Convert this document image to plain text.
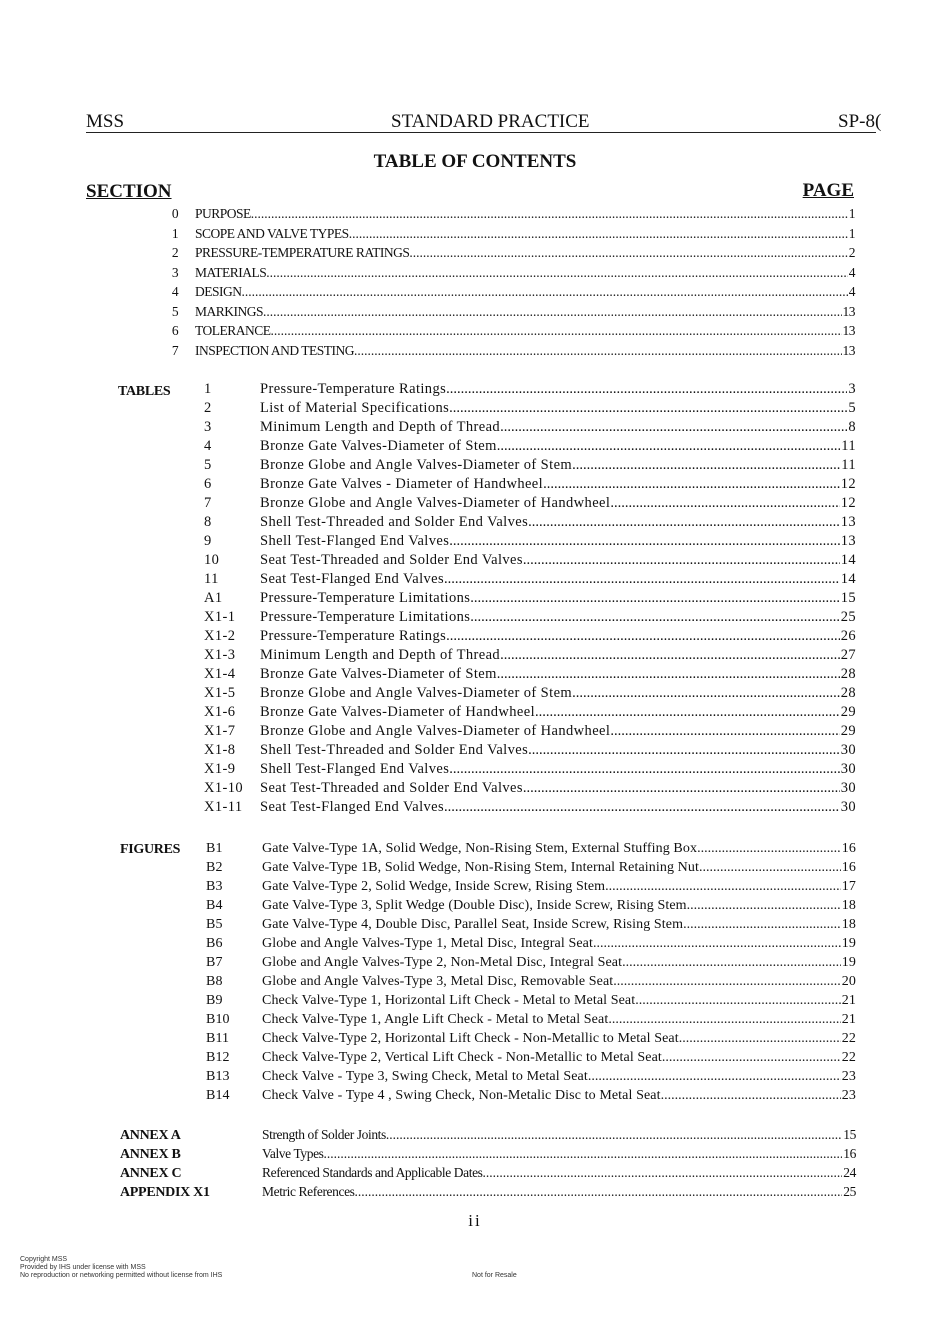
MSS	STANDARD PRACTICE	SP-8(
TABLE OF CONTENTS
SECTION	PAGE
0	PURPOSE .....	1
1	SCOPE AND VALVE TYPES .....	1
2	PRESSURE-TEMPERATURE RATINGS .....	2
3	MATERIALS .....	4
4	DESIGN .....	4
5	MARKINGS .....	13
6	TOLERANCE .....	13
7	INSPECTION AND TESTING .....	13
TABLES 1	Pressure-Temperature Ratings .....	3
2	List of Material Specifications .....	5
3	Minimum Length and Depth of Thread .....	8
4	Bronze Gate Valves-Diameter of Stem .....	11
5	Bronze Globe and Angle Valves-Diameter of Stem .....	11
6	Bronze Gate Valves - Diameter of Handwheel .....	12
7	Bronze Globe and Angle Valves-Diameter of Handwheel .....	12
8	Shell Test-Threaded and Solder End Valves .....	13
9	Shell Test-Flanged End Valves .....	13
10	Seat Test-Threaded and Solder End Valves .....	14
11	Seat Test-Flanged End Valves .....	14
A1	Pressure-Temperature Limitations .....	15
X1-1	Pressure-Temperature Limitations .....	25
X1-2	Pressure-Temperature Ratings .....	26
X1-3	Minimum Length and Depth of Thread .....	27
X1-4	Bronze Gate Valves-Diameter of Stem .....	28
X1-5	Bronze Globe and Angle Valves-Diameter of Stem .....	28
X1-6	Bronze Gate Valves-Diameter of Handwheel .....	29
X1-7	Bronze Globe and Angle Valves-Diameter of Handwheel .....	29
X1-8	Shell Test-Threaded and Solder End Valves .....	30
X1-9	Shell Test-Flanged End Valves .....	30
X1-10	Seat Test-Threaded and Solder End Valves .....	30
X1-11	Seat Test-Flanged End Valves .....	30
FIGURES B1	Gate Valve-Type 1A, Solid Wedge, Non-Rising Stem, External Stuffing Box .....	16
B2	Gate Valve-Type 1B, Solid Wedge, Non-Rising Stem, Internal Retaining Nut .....	16
B3	Gate Valve-Type 2, Solid Wedge, Inside Screw, Rising Stem .....	17
B4	Gate Valve-Type 3, Split Wedge (Double Disc), Inside Screw, Rising Stem .....	18
B5	Gate Valve-Type 4, Double Disc, Parallel Seat, Inside Screw, Rising Stem .....	18
B6	Globe and Angle Valves-Type 1, Metal Disc, Integral Seat .....	19
B7	Globe and Angle Valves-Type 2, Non-Metal Disc, Integral Seat .....	19
B8	Globe and Angle Valves-Type 3, Metal Disc, Removable Seat .....	20
B9	Check Valve-Type 1, Horizontal Lift Check - Metal to Metal Seat .....	21
B10	Check Valve-Type 1, Angle Lift Check - Metal to Metal Seat .....	21
B11	Check Valve-Type 2, Horizontal Lift Check - Non-Metallic to Metal Seat .....	22
B12	Check Valve-Type 2, Vertical Lift Check - Non-Metallic to Metal Seat .....	22
B13	Check Valve - Type 3, Swing Check, Metal to Metal Seat .....	23
B14	Check Valve - Type 4 , Swing Check, Non-Metalic Disc to Metal Seat .....	23
ANNEX A	Strength of Solder Joints .....	15
ANNEX B	Valve Types .....	16
ANNEX C	Referenced Standards and Applicable Dates .....	24
APPENDIX X1	Metric References .....	25
ii
Copyright MSS
Provided by IHS under license with MSS
No reproduction or networking permitted without license from IHS	Not for Resale
